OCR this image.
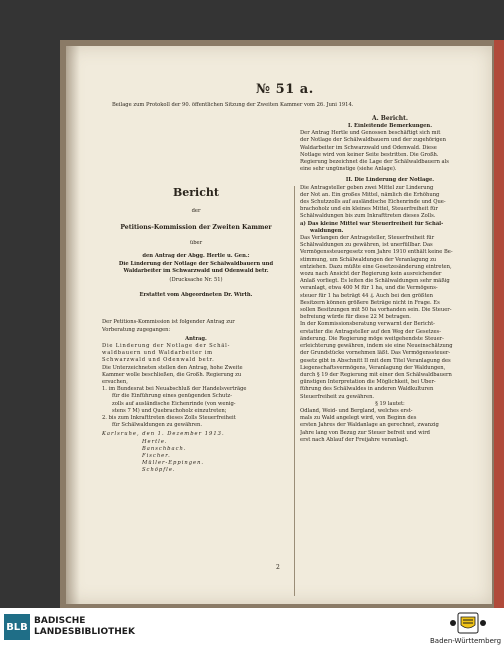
№ 51 a.
Beilage zum Protokoll der 90. öffentlichen Sitzung der Zweiten Kammer vom 26. Juni 1914.
Bericht
der
Petitions-Kommission der Zweiten Kammer
über
den Antrag der Abgg. Hertle u. Gen.:
Die Linderung der Notlage der Schälwaldbauern und
Waldarbeiter im Schwarzwald und Odenwald betr.
(Drucksache Nr. 51)
Erstattet vom Abgeordneten Dr. Wirth.
Der Petitions-Kommission ist folgender Antrag zur
Vorberatung zugegangen:
Antrag.
Die Linderung der Notlage der Schäl-
waldbauern und Waldarbeiter im
Schwarzwald und Odenwald betr.
Die Unterzeichneten stellen den Antrag, hohe Zweite
Kammer wolle beschließen, die Großh. Regierung zu
ersuchen,
1. im Bundesrat bei Neuabschluß der Handelsverträge
für die Einführung eines genügenden Schutz-
zolls auf ausländische Eichenrinde (von wenig-
stens 7 M) und Quebrachoholz einzutreten;
2. bis zum Inkrafttreten dieses Zolls Steuerfreiheit
für Schälwaldungen zu gewähren.
Karlsruhe, den 1. Dezember 1913.
Hertle.
Banschbach.
Fischer.
Müller-Eppingen.
Schöpfle.
A. Bericht.
I. Einleitende Bemerkungen.
Der Antrag Hertle und Genossen beschäftigt sich mit
der Notlage der Schälwaldbauern und der zugehörigen
Waldarbeiter im Schwarzwald und Odenwald. Diese
Notlage wird von keiner Seite bestritten. Die Großh.
Regierung bezeichnet die Lage der Schälwaldbauern als
eine sehr ungünstige (siehe Anlage).
II. Die Linderung der Notlage.
Die Antragsteller geben zwei Mittel zur Linderung
der Not an. Ein großes Mittel, nämlich die Erhöhung
des Schutzzolls auf ausländische Eichenrinde und Que-
brachoholz und ein kleines Mittel, Steuerfreiheit für
Schälwaldungen bis zum Inkrafttreten dieses Zolls.
a) Das kleine Mittel war Steuerfreiheit für Schäl-
waldungen.
Das Verlangen der Antragsteller, Steuerfreiheit für
Schälwaldungen zu gewähren, ist unerfüllbar. Das
Vermögenssteuergesetz vom Jahre 1910 enthält keine Be-
stimmung, um Schälwaldungen der Veranlagung zu
entziehen. Dazu müßte eine Gesetzesänderung eintreten,
wozu nach Ansicht der Regierung kein ausreichender
Anlaß vorliegt. Es leiten die Schälwaldungen sehr mäßig
veranlagt, etwa 400 M für 1 ha, und die Vermögens-
steuer für 1 ha beträgt 44 ₰. Auch bei den größten
Besitzern können größere Beträge nicht in Frage. Es
sollen Besitzungen mit 50 ha vorhanden sein. Die Steuer-
befreiung würde für diese 22 M betragen.
In der Kommissionsberatung verwarnt der Bericht-
erstatter die Antragsteller auf den Weg der Gesetzes-
änderung. Die Regierung möge weitgehendste Steuer-
erleichterung gewähren, indem sie eine Neueinschätzung
der Grundstücke vornehmen läßt. Das Vermögenssteuer-
gesetz gibt in Abschnitt II mit dem Titel Veranlagung des
Liegenschaftsvermögens, Veranlagung der Waldungen,
durch § 19 der Regierung mit einer den Schälwaldbauern
günstigen Interpretation die Möglichkeit, bei Über-
führung des Schälwaldes in anderen Waldkulturen
Steuerfreiheit zu gewähren.
§ 19 lautet:
Ödland, Weid- und Bergland, welches erst-
mals zu Wald angelegt wird, von Beginn des
ersten Jahres der Waldanlage an gerechnet, zwanzig
Jahre lang von Bezug zur Steuer befreit und wird
erst nach Ablauf der Freijahre veranlagt.
2
BLB
BADISCHE
LANDESBIBLIOTHEK
Baden-Württemberg
